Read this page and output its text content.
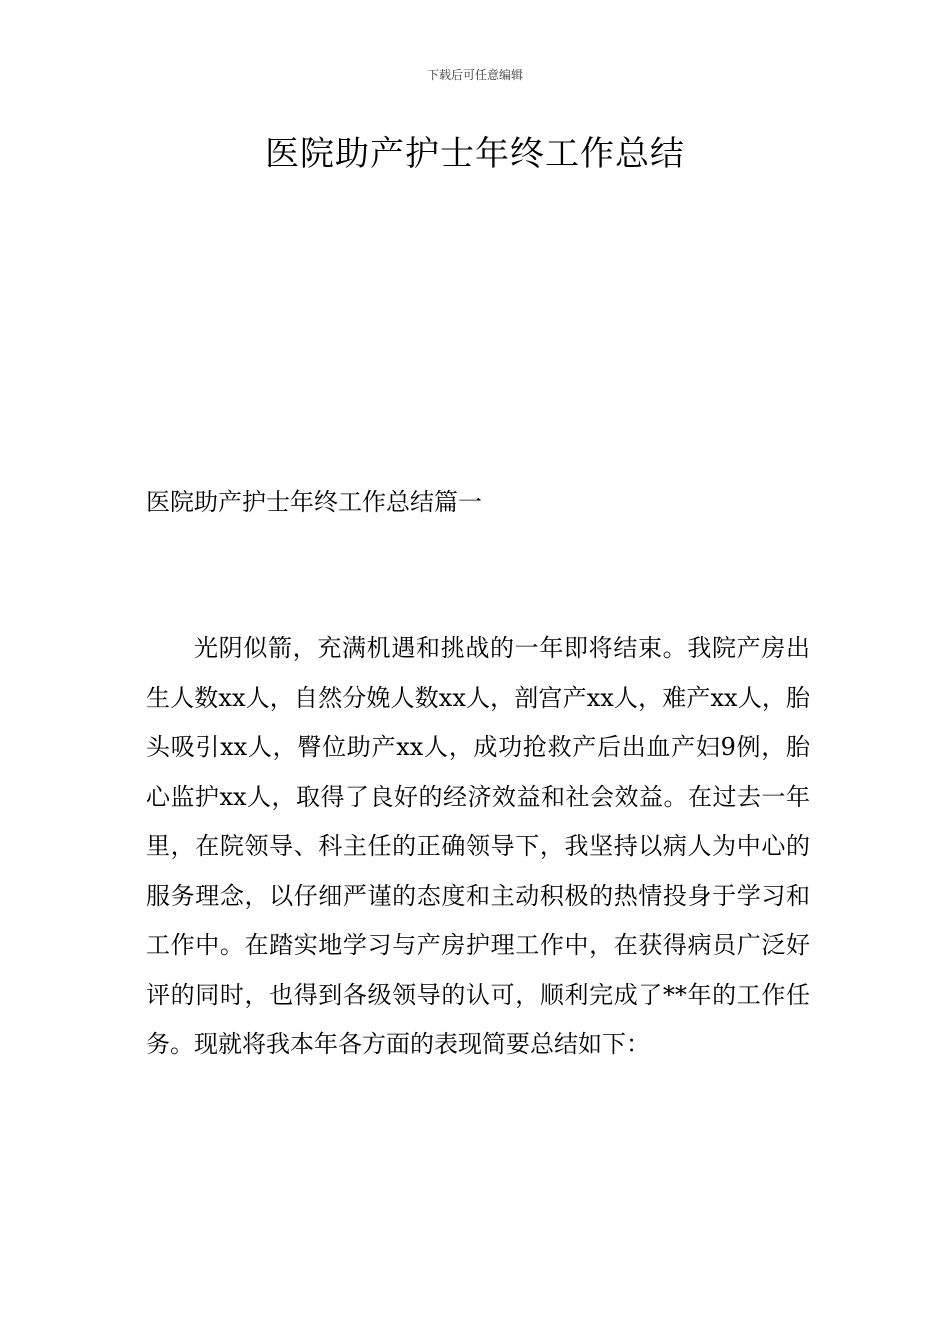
下载后可任意编辑
医院助产护士年终工作总结
医院助产护士年终工作总结篇一

光阴似箭，充满机遇和挑战的一年即将结束。我院产房出生人数xx人，自然分娩人数xx人，剖宫产xx人，难产xx人，胎头吸引xx人，臀位助产xx人，成功抢救产后出血产妇9例，胎心监护xx人，取得了良好的经济效益和社会效益。在过去一年里，在院领导、科主任的正确领导下，我坚持以病人为中心的服务理念，以仔细严谨的态度和主动积极的热情投身于学习和工作中。在踏实地学习与产房护理工作中，在获得病员广泛好评的同时，也得到各级领导的认可，顺利完成了**年的工作任务。现就将我本年各方面的表现简要总结如下：
